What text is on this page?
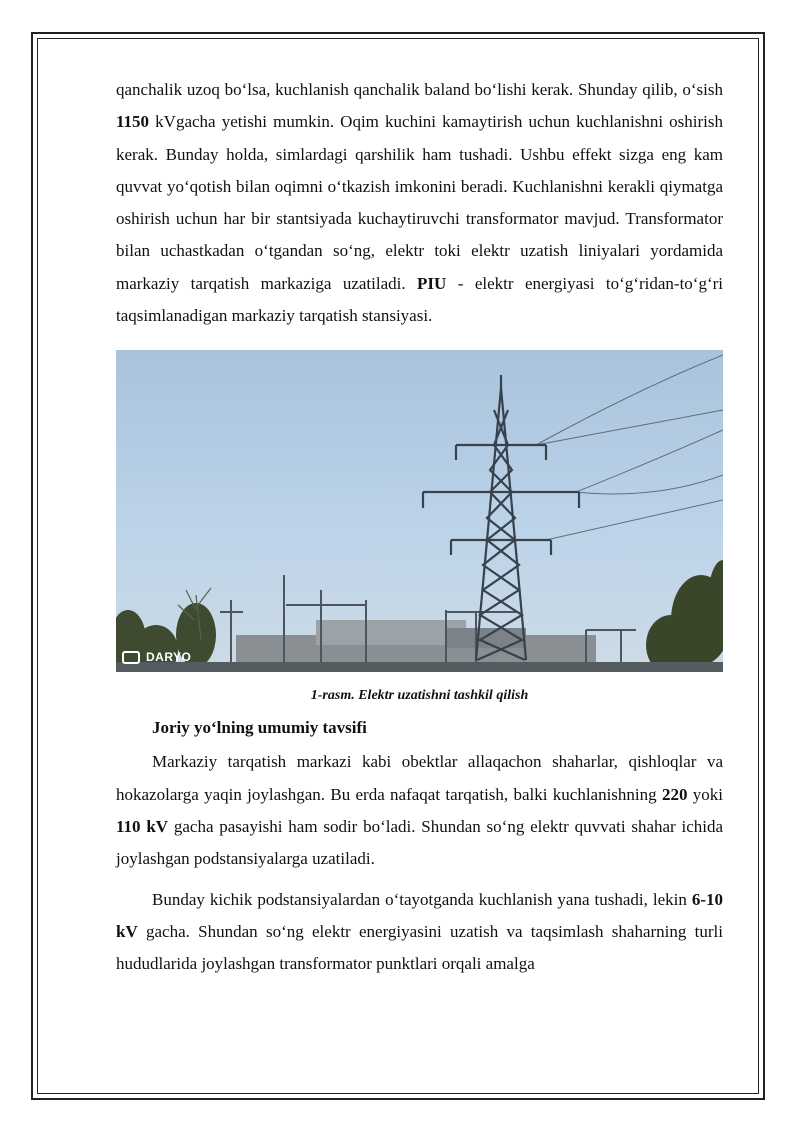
qanchalik uzoq bo‘lsa, kuchlanish qanchalik baland bo‘lishi kerak. Shunday qilib, o‘sish 1150 kVgacha yetishi mumkin. Oqim kuchini kamaytirish uchun kuchlanishni oshirish kerak. Bunday holda, simlardagi qarshilik ham tushadi. Ushbu effekt sizga eng kam quvvat yo‘qotish bilan oqimni o‘tkazish imkonini beradi. Kuchlanishni kerakli qiymatga oshirish uchun har bir stantsiyada kuchaytiruvchi transformator mavjud. Transformator bilan uchastkadan o‘tgandan so‘ng, elektr toki elektr uzatish liniyalari yordamida markaziy tarqatish markaziga uzatiladi. PIU - elektr energiyasi to‘g‘ridan-to‘g‘ri taqsimlanadigan markaziy tarqatish stansiyasi.

DARYO
1-rasm. Elektr uzatishni tashkil qilish
Joriy yo‘lning umumiy tavsifi

Markaziy tarqatish markazi kabi obektlar allaqachon shaharlar, qishloqlar va hokazolarga yaqin joylashgan. Bu erda nafaqat tarqatish, balki kuchlanishning 220 yoki 110 kV gacha pasayishi ham sodir bo‘ladi. Shundan so‘ng elektr quvvati shahar ichida joylashgan podstansiyalarga uzatiladi.

Bunday kichik podstansiyalardan o‘tayotganda kuchlanish yana tushadi, lekin 6-10 kV gacha. Shundan so‘ng elektr energiyasini uzatish va taqsimlash shaharning turli hududlarida joylashgan transformator punktlari orqali amalga
